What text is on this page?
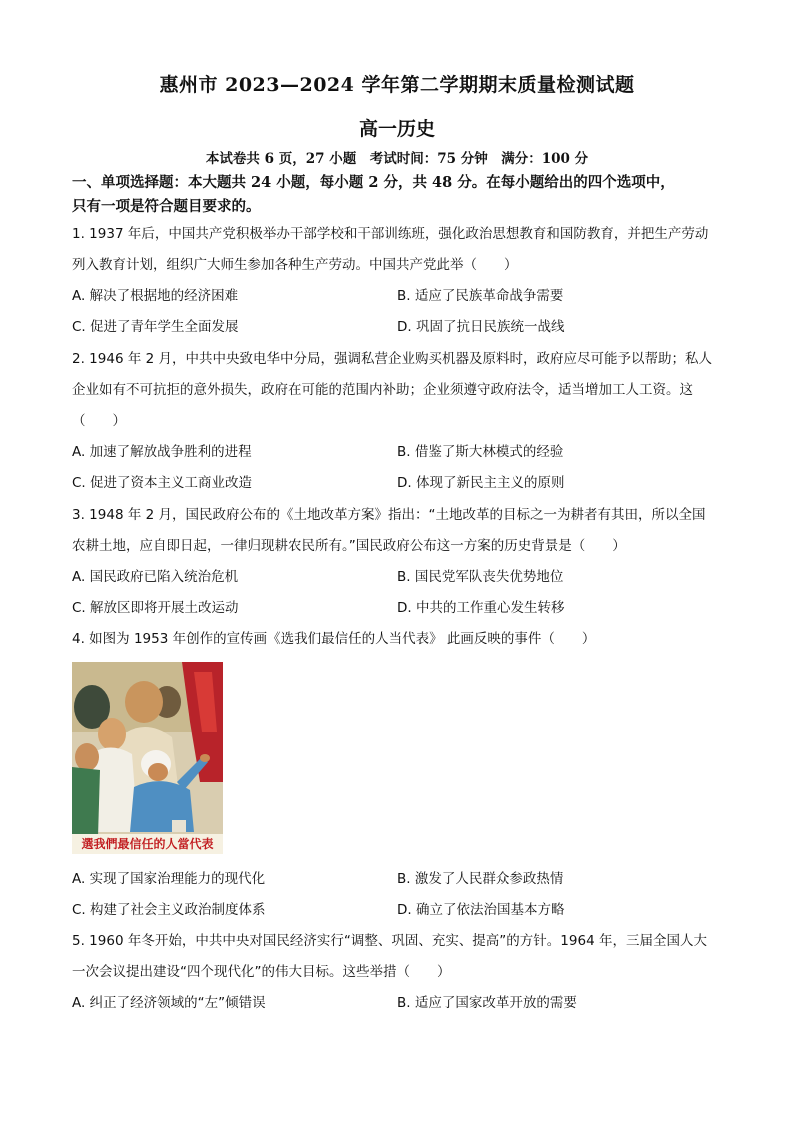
惠州市 2023—2024 学年第二学期期末质量检测试题
高一历史
本试卷共 6 页，27 小题　考试时间：75 分钟　满分：100 分
一、单项选择题：本大题共 24 小题，每小题 2 分，共 48 分。在每小题给出的四个选项中，
只有一项是符合题目要求的。
1. 1937 年后，中国共产党积极举办干部学校和干部训练班，强化政治思想教育和国防教育，并把生产劳动
列入教育计划，组织广大师生参加各种生产劳动。中国共产党此举（　　）
A. 解决了根据地的经济困难	B. 适应了民族革命战争需要
C. 促进了青年学生全面发展	D. 巩固了抗日民族统一战线
2. 1946 年 2 月，中共中央致电华中分局，强调私营企业购买机器及原料时，政府应尽可能予以帮助；私人
企业如有不可抗拒的意外损失，政府在可能的范围内补助；企业须遵守政府法令，适当增加工人工资。这
（　　）
A. 加速了解放战争胜利的进程	B. 借鉴了斯大林模式的经验
C. 促进了资本主义工商业改造	D. 体现了新民主主义的原则
3. 1948 年 2 月，国民政府公布的《土地改革方案》指出：“土地改革的目标之一为耕者有其田，所以全国
农耕土地，应自即日起，一律归现耕农民所有。”国民政府公布这一方案的历史背景是（　　）
A. 国民政府已陷入统治危机	B. 国民党军队丧失优势地位
C. 解放区即将开展土改运动	D. 中共的工作重心发生转移
4. 如图为 1953 年创作的宣传画《选我们最信任的人当代表》 此画反映的事件（　　）
選我們最信任的人當代表
A. 实现了国家治理能力的现代化	B. 激发了人民群众参政热情
C. 构建了社会主义政治制度体系	D. 确立了依法治国基本方略
5. 1960 年冬开始，中共中央对国民经济实行“调整、巩固、充实、提高”的方针。1964 年，三届全国人大
一次会议提出建设“四个现代化”的伟大目标。这些举措（　　）
A. 纠正了经济领域的“左”倾错误	B. 适应了国家改革开放的需要
